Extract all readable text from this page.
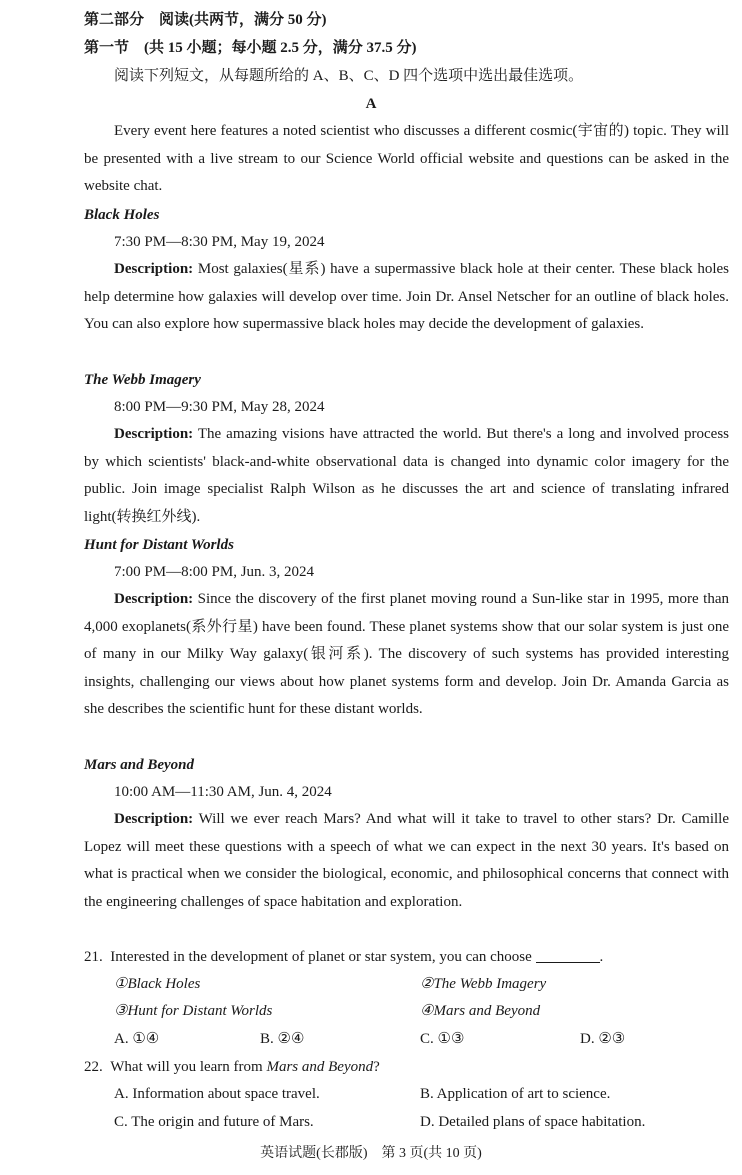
第二部分　阅读(共两节，满分 50 分)
第一节　(共 15 小题；每小题 2.5 分，满分 37.5 分)
阅读下列短文，从每题所给的 A、B、C、D 四个选项中选出最佳选项。
A
Every event here features a noted scientist who discusses a different cosmic(宇宙的) topic. They will be presented with a live stream to our Science World official website and questions can be asked in the website chat.
Black Holes
7:30 PM—8:30 PM, May 19, 2024
Description: Most galaxies(星系) have a supermassive black hole at their center. These black holes help determine how galaxies will develop over time. Join Dr. Ansel Netscher for an outline of black holes. You can also explore how supermassive black holes may decide the development of galaxies.
The Webb Imagery
8:00 PM—9:30 PM, May 28, 2024
Description: The amazing visions have attracted the world. But there's a long and involved process by which scientists' black-and-white observational data is changed into dynamic color imagery for the public. Join image specialist Ralph Wilson as he discusses the art and science of translating infrared light(转换红外线).
Hunt for Distant Worlds
7:00 PM—8:00 PM, Jun. 3, 2024
Description: Since the discovery of the first planet moving round a Sun-like star in 1995, more than 4,000 exoplanets(系外行星) have been found. These planet systems show that our solar system is just one of many in our Milky Way galaxy(银河系). The discovery of such systems has provided interesting insights, challenging our views about how planet systems form and develop. Join Dr. Amanda Garcia as she describes the scientific hunt for these distant worlds.
Mars and Beyond
10:00 AM—11:30 AM, Jun. 4, 2024
Description: Will we ever reach Mars? And what will it take to travel to other stars? Dr. Camille Lopez will meet these questions with a speech of what we can expect in the next 30 years. It's based on what is practical when we consider the biological, economic, and philosophical concerns that connect with the engineering challenges of space habitation and exploration.
21. Interested in the development of planet or star system, you can choose	.
①Black Holes	②The Webb Imagery
③Hunt for Distant Worlds	④Mars and Beyond
A. ①④	B. ②④	C. ①③	D. ②③
22. What will you learn from Mars and Beyond?
A. Information about space travel.	B. Application of art to science.
C. The origin and future of Mars.	D. Detailed plans of space habitation.
英语试题(长郡版)　第 3 页(共 10 页)
